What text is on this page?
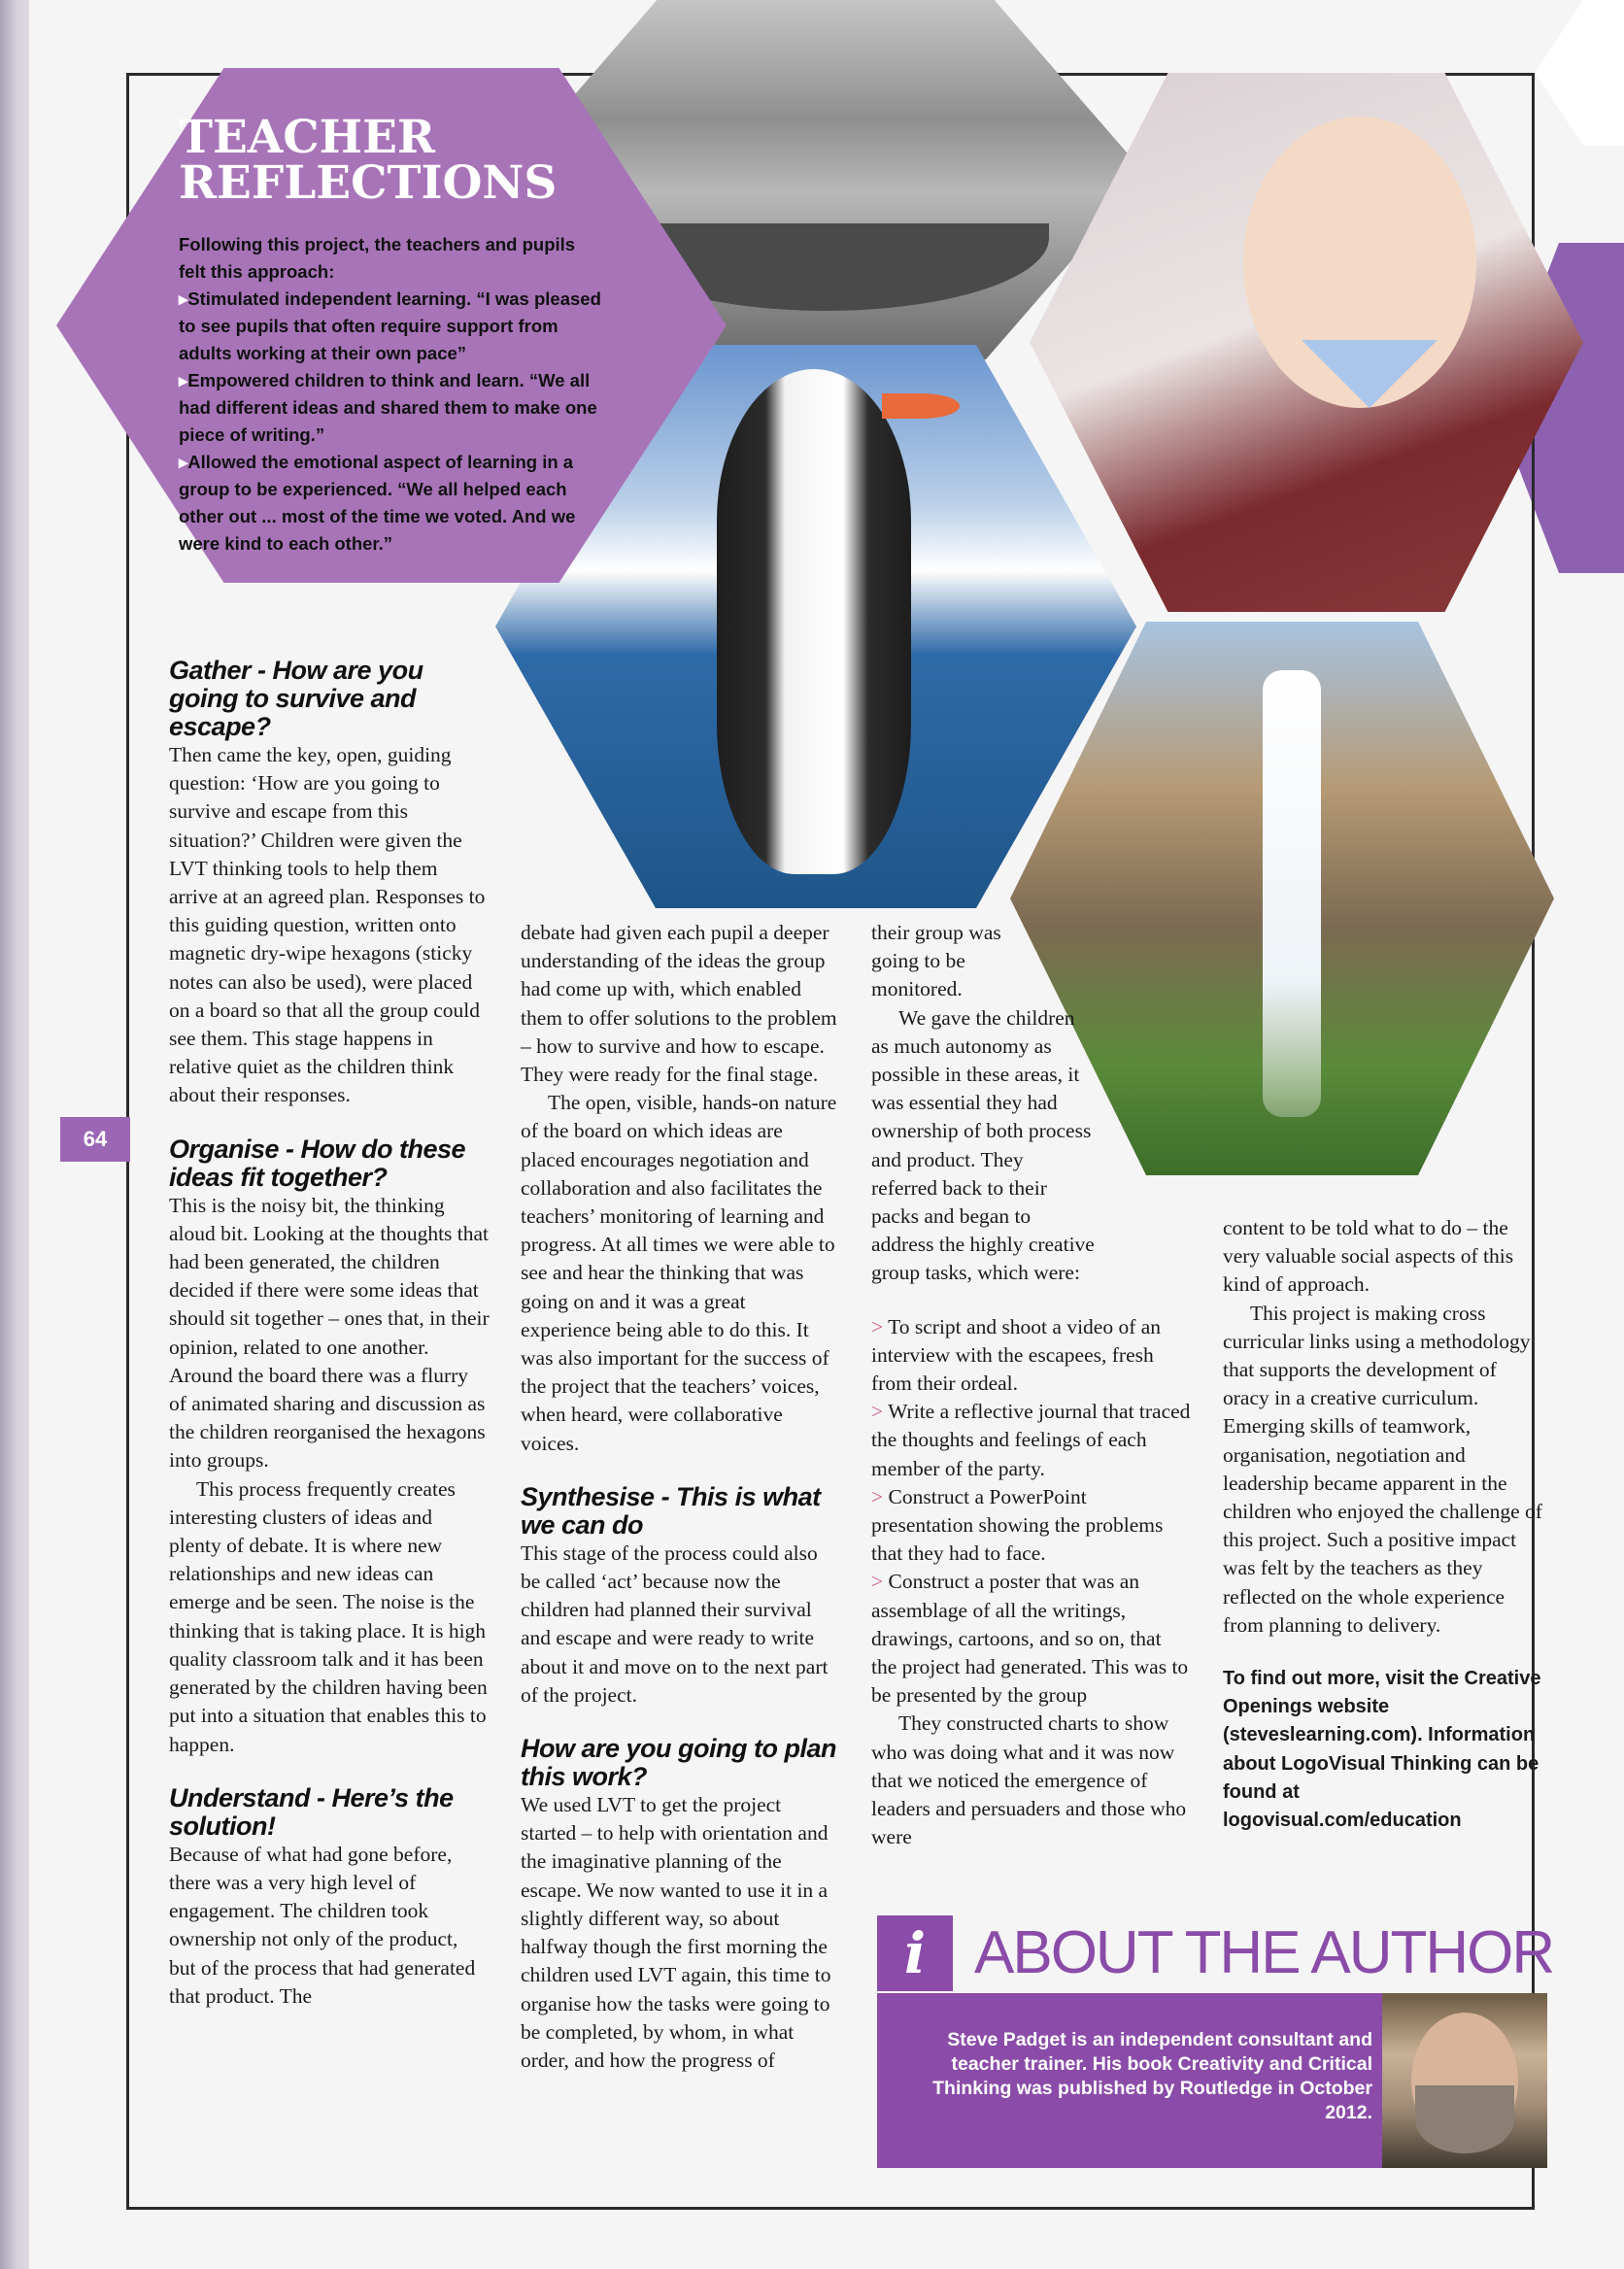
64
TEACHER
REFLECTIONS

Following this project, the teachers and pupils felt this approach:

▸ Stimulated independent learning. “I was pleased to see pupils that often require support from adults working at their own pace”

▸ Empowered children to think and learn. “We all had different ideas and shared them to make one piece of writing.”

▸ Allowed the emotional aspect of learning in a group to be experienced. “We all helped each other out ... most of the time we voted. And we were kind to each other.”

Gather - How are you going to survive and escape?

Then came the key, open, guiding question: ‘How are you going to survive and escape from this situation?’ Children were given the LVT thinking tools to help them arrive at an agreed plan. Responses to this guiding question, written onto magnetic dry-wipe hexagons (sticky notes can also be used), were placed on a board so that all the group could see them. This stage happens in relative quiet as the children think about their responses.

Organise - How do these ideas fit together?

This is the noisy bit, the thinking aloud bit. Looking at the thoughts that had been generated, the children decided if there were some ideas that should sit together – ones that, in their opinion, related to one another. Around the board there was a flurry of animated sharing and discussion as the children reorganised the hexagons into groups.

This process frequently creates interesting clusters of ideas and plenty of debate. It is where new relationships and new ideas can emerge and be seen. The noise is the thinking that is taking place. It is high quality classroom talk and it has been generated by the children having been put into a situation that enables this to happen.

Understand - Here’s the solution!

Because of what had gone before, there was a very high level of engagement. The children took ownership not only of the product, but of the process that had generated that product. The

debate had given each pupil a deeper understanding of the ideas the group had come up with, which enabled them to offer solutions to the problem – how to survive and how to escape. They were ready for the final stage.

The open, visible, hands-on nature of the board on which ideas are placed encourages negotiation and collaboration and also facilitates the teachers’ monitoring of learning and progress. At all times we were able to see and hear the thinking that was going on and it was a great experience being able to do this. It was also important for the success of the project that the teachers’ voices, when heard, were collaborative voices.

Synthesise - This is what we can do

This stage of the process could also be called ‘act’ because now the children had planned their survival and escape and were ready to write about it and move on to the next part of the project.

How are you going to plan this work?

We used LVT to get the project started – to help with orientation and the imaginative planning of the escape. We now wanted to use it in a slightly different way, so about halfway though the first morning the children used LVT again, this time to organise how the tasks were going to be completed, by whom, in what order, and how the progress of

their group was going to be monitored.

We gave the children as much autonomy as possible in these areas, it was essential they had ownership of both process and product. They referred back to their packs and began to address the highly creative group tasks, which were:

> To script and shoot a video of an interview with the escapees, fresh from their ordeal.

> Write a reflective journal that traced the thoughts and feelings of each member of the party.

> Construct a PowerPoint presentation showing the problems that they had to face.

> Construct a poster that was an assemblage of all the writings, drawings, cartoons, and so on, that the project had generated. This was to be presented by the group

They constructed charts to show who was doing what and it was now that we noticed the emergence of leaders and persuaders and those who were

content to be told what to do – the very valuable social aspects of this kind of approach.

This project is making cross curricular links using a methodology that supports the development of oracy in a creative curriculum. Emerging skills of teamwork, organisation, negotiation and leadership became apparent in the children who enjoyed the challenge of this project. Such a positive impact was felt by the teachers as they reflected on the whole experience from planning to delivery.

To find out more, visit the Creative Openings website (steveslearning.com). Information about LogoVisual Thinking can be found at logovisual.com/education

i ABOUT THE AUTHOR
Steve Padget is an independent consultant and teacher trainer. His book Creativity and Critical Thinking was published by Routledge in October 2012.
